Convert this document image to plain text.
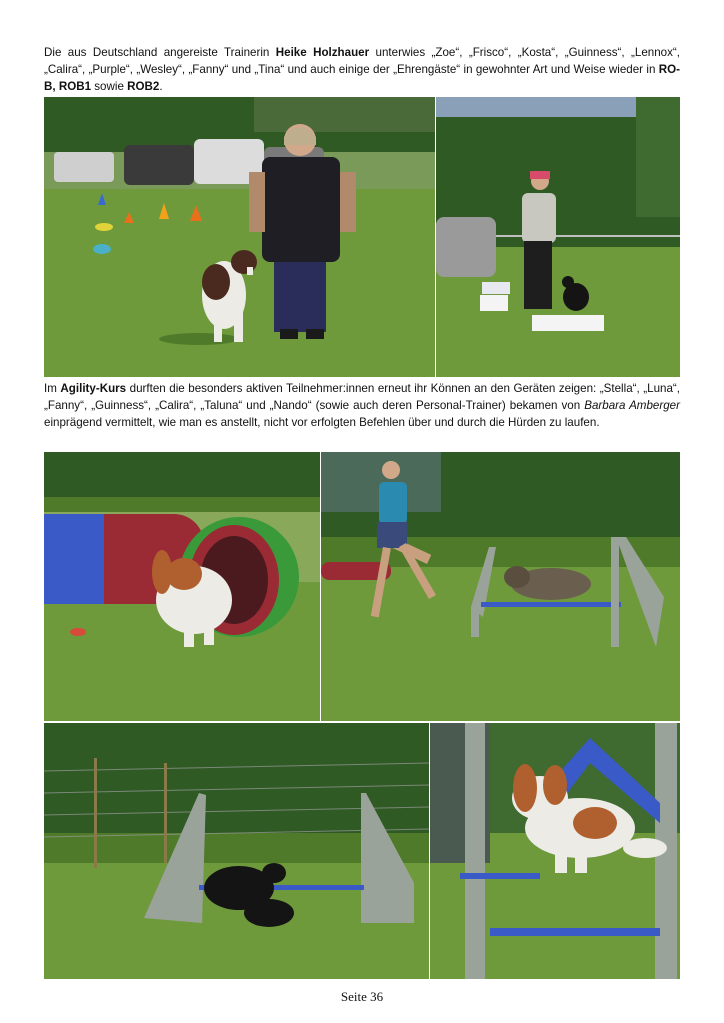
Die aus Deutschland angereiste Trainerin Heike Holzhauer unterwies „Zoe“, „Frisco“, „Kosta“, „Guinness“, „Lennox“, „Calira“, „Purple“, „Wesley“, „Fanny“ und „Tina“ und auch einige der „Ehrengäste“ in gewohnter Art und Weise wieder in RO-B, ROB1 sowie ROB2.

Im Agility-Kurs durften die besonders aktiven Teilnehmer:innen erneut ihr Können an den Geräten zeigen: „Stella“, „Luna“, „Fanny“, „Guinness“, „Calira“, „Taluna“ und „Nando“ (sowie auch deren Personal-Trainer) bekamen von Barbara Amberger einprägend vermittelt, wie man es anstellt, nicht vor erfolgten Befehlen über und durch die Hürden zu laufen.

Seite 36
